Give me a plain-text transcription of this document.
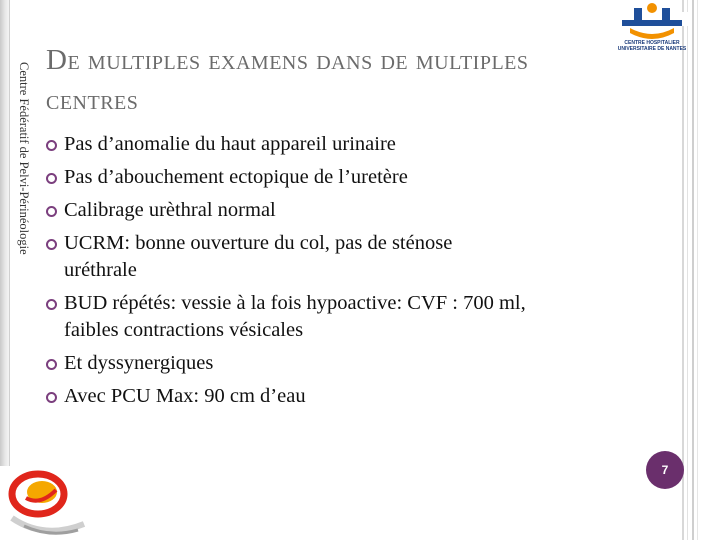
Centre Fédératif de Pelvi-Périnéologie
De multiples examens dans de multiples centres
Pas d’anomalie du haut appareil urinaire
Pas d’abouchement ectopique de l’uretère
Calibrage urèthral normal
UCRM: bonne ouverture du col, pas de sténose uréthrale
BUD répétés: vessie à la fois hypoactive: CVF : 700 ml, faibles contractions vésicales
Et dyssynergiques
Avec PCU Max: 90 cm d’eau
CENTRE HOSPITALIER
UNIVERSITAIRE DE NANTES
7
